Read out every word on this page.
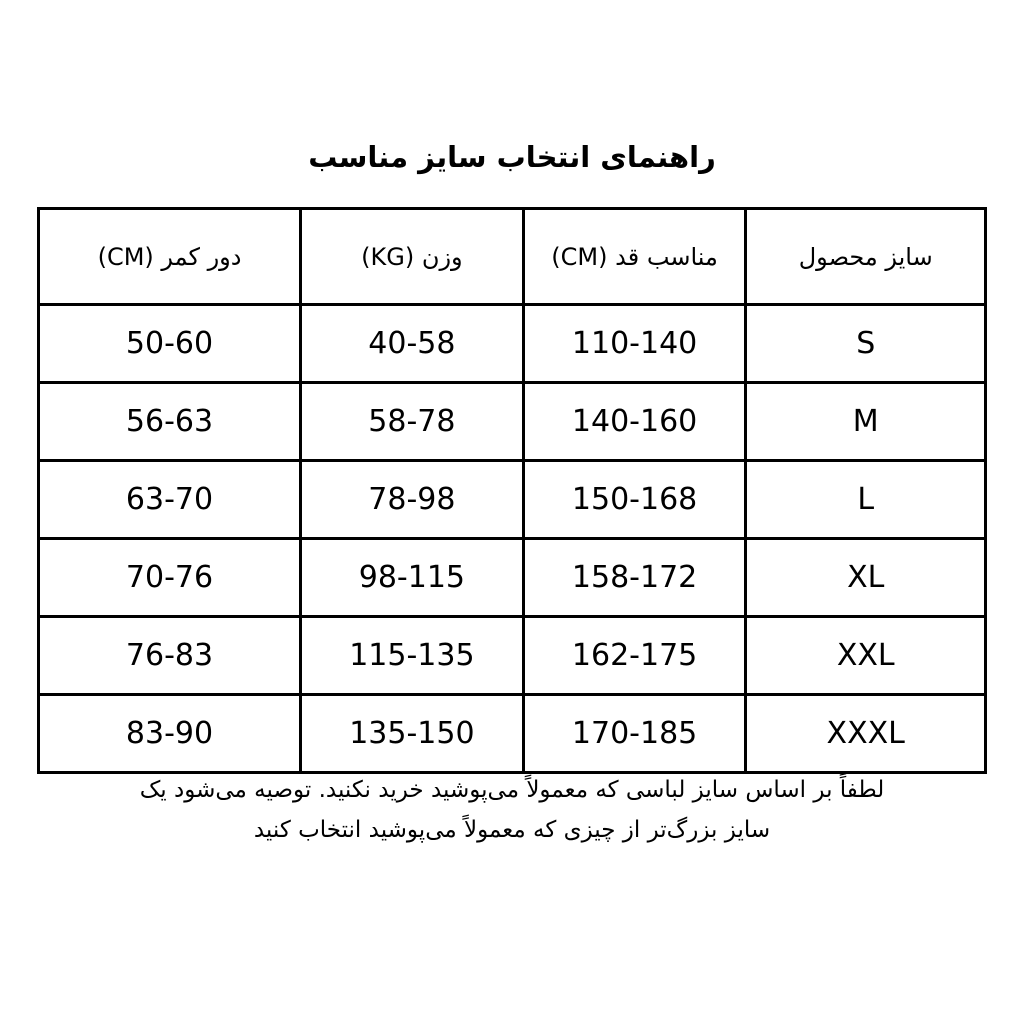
راهنمای انتخاب سایز مناسب
سایز محصول	مناسب قد (CM)	وزن (KG)	دور کمر (CM)
S	110-140	40-58	50-60
M	140-160	58-78	56-63
L	150-168	78-98	63-70
XL	158-172	98-115	70-76
XXL	162-175	115-135	76-83
XXXL	170-185	135-150	83-90
لطفاً بر اساس سایز لباسی که معمولاً می‌پوشید خرید نکنید. توصیه می‌شود یک
سایز بزرگ‌تر از چیزی که معمولاً می‌پوشید انتخاب کنید
